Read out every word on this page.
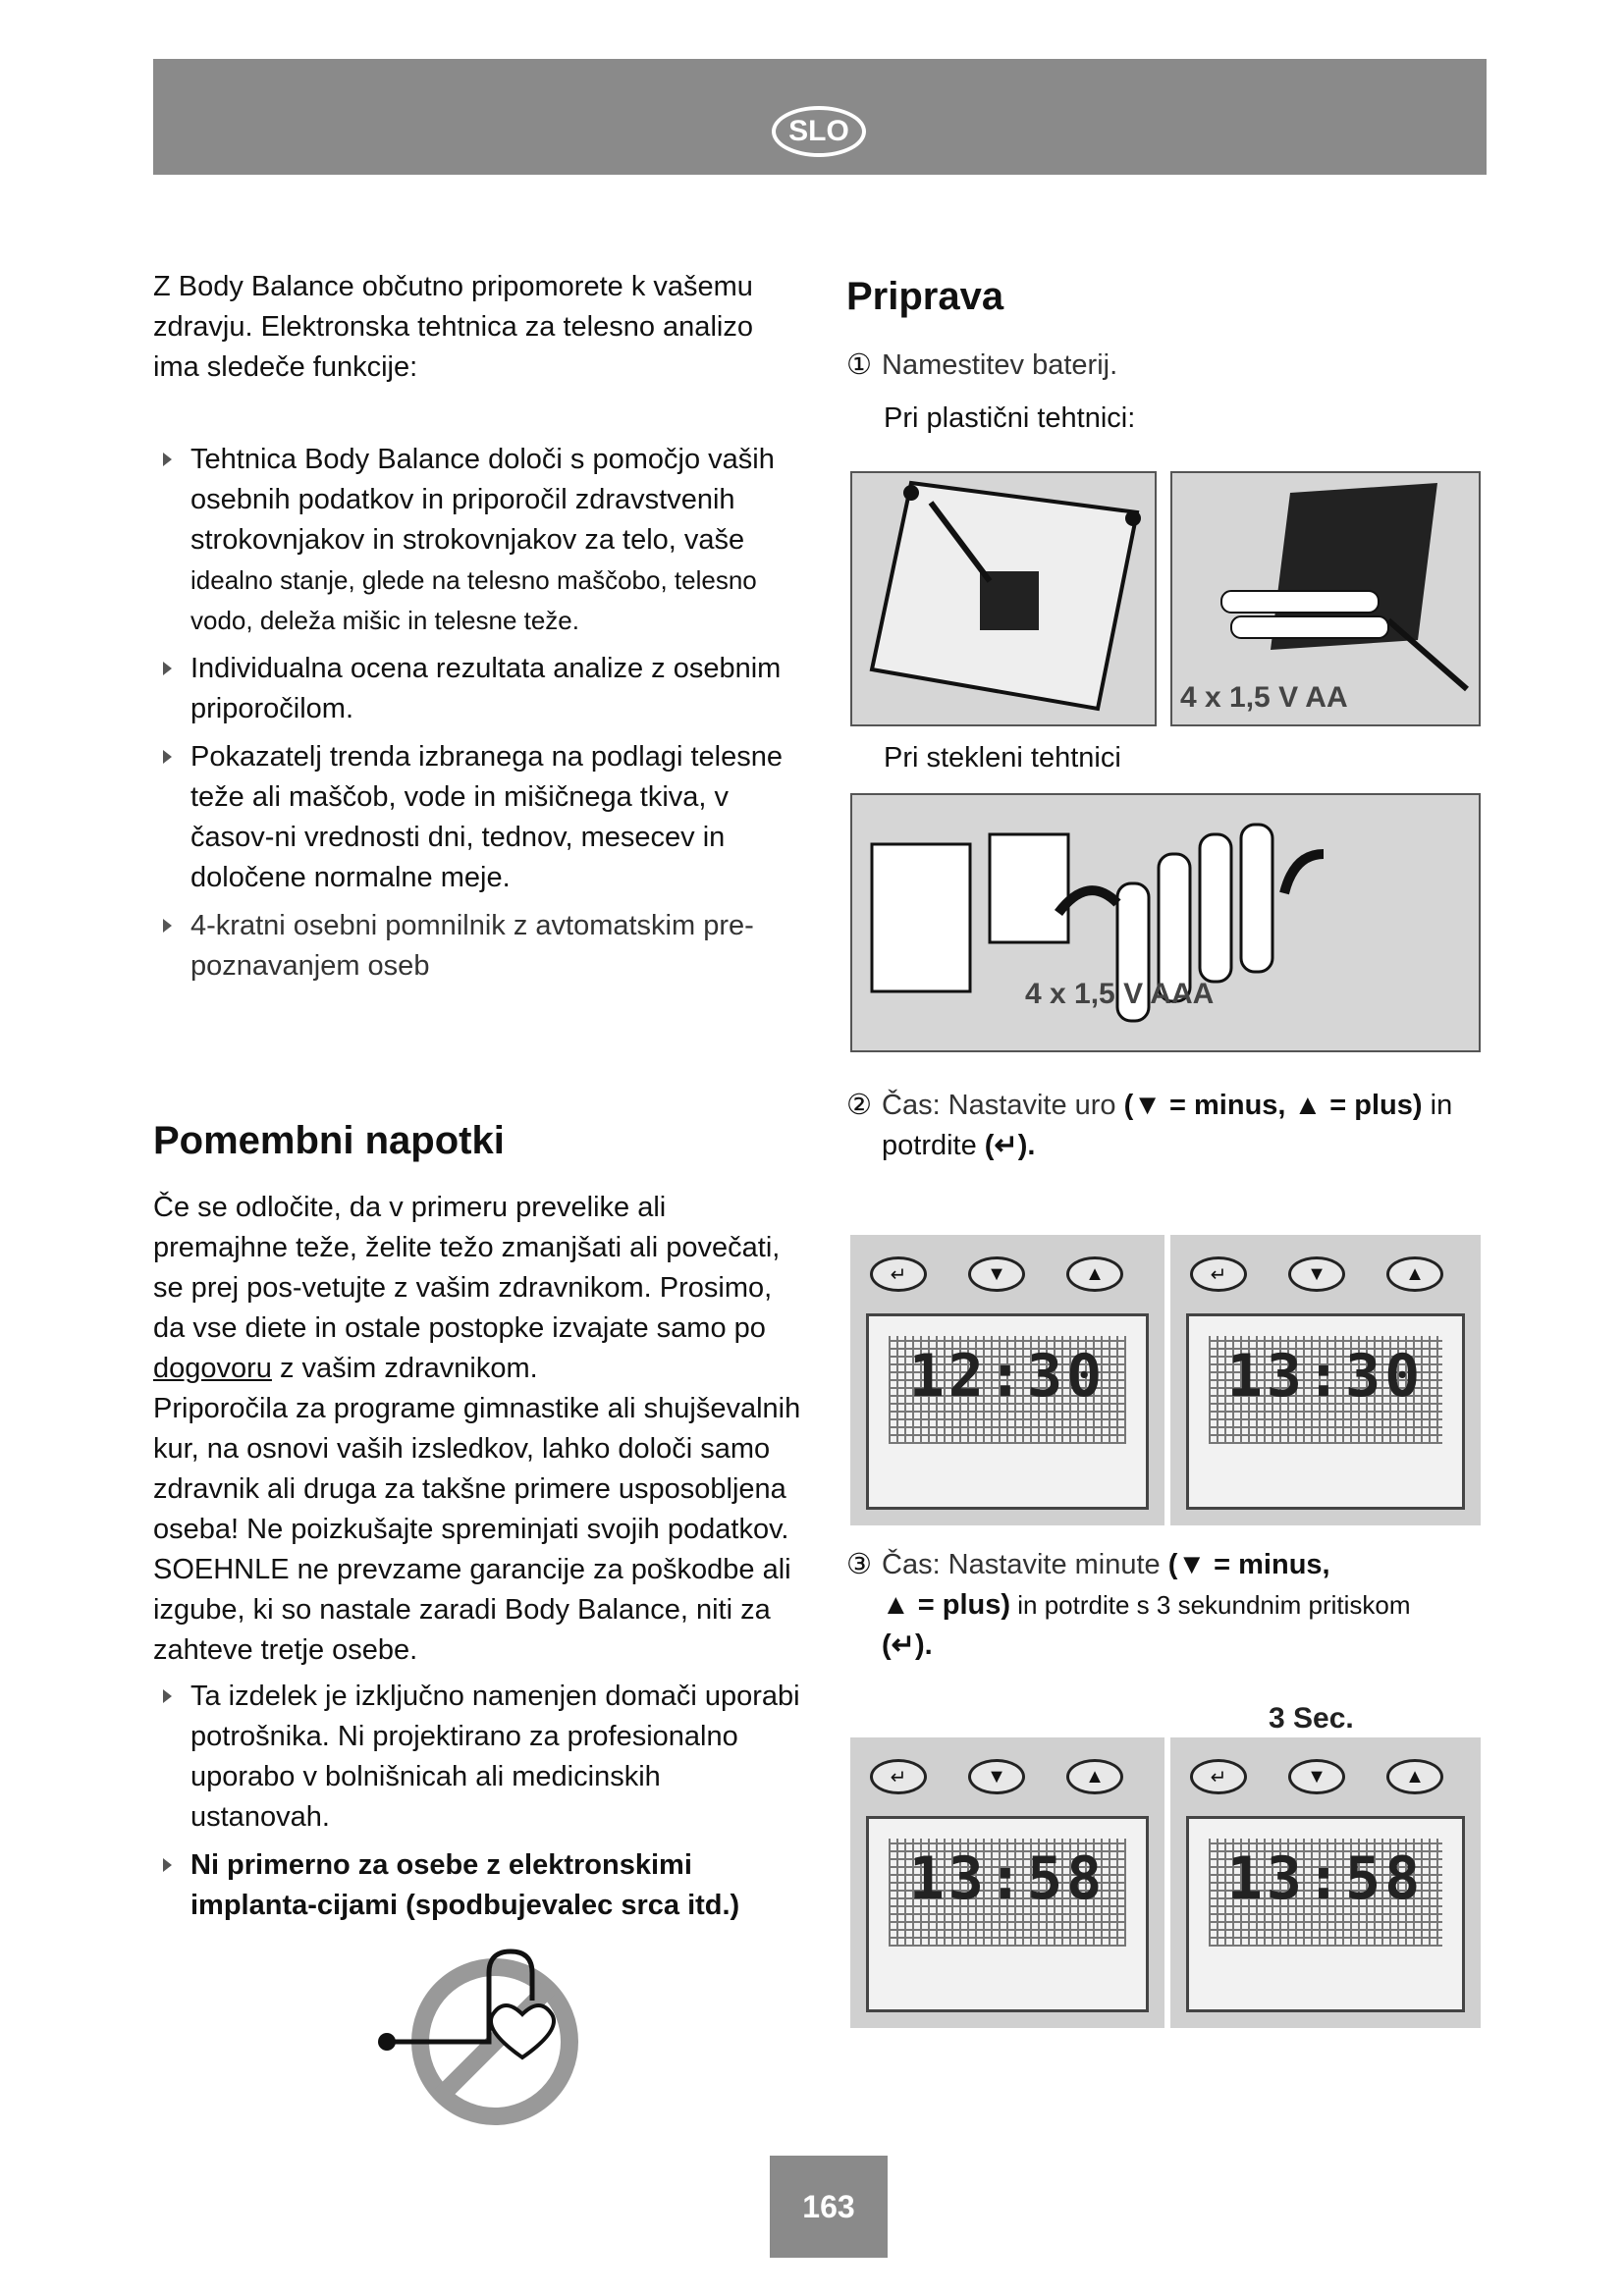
SLO

Z Body Balance občutno pripomorete k vašemu zdravju. Elektronska tehtnica za telesno analizo ima sledeče funkcije:

Tehtnica Body Balance določi s pomočjo vaših osebnih podatkov in priporočil zdravstvenih strokovnjakov in strokovnjakov za telo, vaše
idealno stanje, glede na telesno maščobo, telesno vodo, deleža mišic in telesne teže.
Individualna ocena rezultata analize z osebnim priporočilom.
Pokazatelj trenda izbranega na podlagi telesne teže ali maščob, vode in mišičnega tkiva, v časov-ni vrednosti dni, tednov, mesecev in določene normalne meje.
4-kratni osebni pomnilnik z avtomatskim pre-poznavanjem oseb
Pomembni napotki

Če se odločite, da v primeru prevelike ali premajhne teže, želite težo zmanjšati ali povečati, se prej pos-vetujte z vašim zdravnikom. Prosimo, da vse diete in ostale postopke izvajate samo po dogovoru z vašim zdravnikom.

Priporočila za programe gimnastike ali shujševalnih kur, na osnovi vaših izsledkov, lahko določi samo zdravnik ali druga za takšne primere usposobljena oseba! Ne poizkušajte spreminjati svojih podatkov. SOEHNLE ne prevzame garancije za poškodbe ali izgube, ki so nastale zaradi Body Balance, niti za zahteve tretje osebe.

Ta izdelek je izključno namenjen domači uporabi potrošnika. Ni projektirano za profesionalno uporabo v bolnišnicah ali medicinskih ustanovah.
Ni primerno za osebe z elektronskimi implanta-cijami (spodbujevalec srca itd.)
Priprava
① Namestitev baterij.
Pri plastični tehtnici:
4 x 1,5 V AA
Pri stekleni tehtnici
4 x 1,5 V AAA
② Čas: Nastavite uro (▼ = minus, ▲ = plus) in
potrdite (↵).
↵	▼	▲
12:30
↵	▼	▲
13:30
③ Čas: Nastavite minute (▼ = minus,
▲ = plus) in potrdite s 3 sekundnim pritiskom
(↵).
3 Sec.
↵	▼	▲
13:58
↵	▼	▲
13:58
163
